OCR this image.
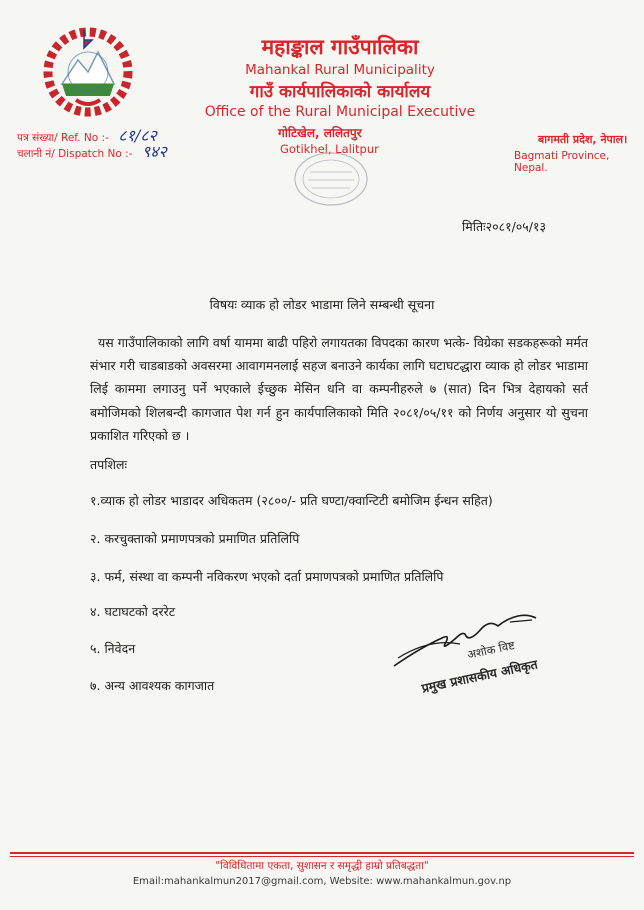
महाङ्काल गाउँपालिका
Mahankal Rural Municipality
गाउँ कार्यपालिकाको कार्यालय
Office of the Rural Municipal Executive
गोटिखेल, ललितपुर
Gotikhel, Lalitpur
पत्र संख्या/ Ref. No :- ८१/८२
चलानी नं/ Dispatch No :- ९४२
बागमती प्रदेश, नेपाल।
Bagmati Province, Nepal.
मितिः२०८१/०५/१३
विषयः व्याक हो लोडर भाडामा लिने सम्बन्धी सूचना
यस गाउँपालिकाको लागि वर्षा याममा बाढी पहिरो लगायतका विपदका कारण भत्के- विग्रेका सडकहरूको मर्मत संभार गरी चाडबाडको अवसरमा आवागमनलाई सहज बनाउने कार्यका लागि घटाघटद्धारा व्याक हो लोडर भाडामा लिई काममा लगाउनु पर्ने भएकाले ईच्छुक मेसिन धनि वा कम्पनीहरुले ७ (सात) दिन भित्र देहायको सर्त बमोजिमको शिलबन्दी कागजात पेश गर्न हुन कार्यपालिकाको मिति २०८१/०५/११ को निर्णय अनुसार यो सुचना प्रकाशित गरिएको छ ।
तपशिलः
१.व्याक हो लोडर भाडादर अधिकतम (२८००/- प्रति घण्टा/क्वान्टिटी बमोजिम ईन्धन सहित)
२. करचुक्ताको प्रमाणपत्रको प्रमाणित प्रतिलिपि
३. फर्म, संस्था वा कम्पनी नविकरण भएको दर्ता प्रमाणपत्रको प्रमाणित प्रतिलिपि
४. घटाघटको दररेट
५. निवेदन
७. अन्य आवश्यक कागजात
अशोक विष्ट
प्रमुख प्रशासकीय अधिकृत
"विविधितामा एकता, सुशासन र समृद्धी हाम्रो प्रतिबद्धता"
Email:mahankalmun2017@gmail.com, Website: www.mahankalmun.gov.np
